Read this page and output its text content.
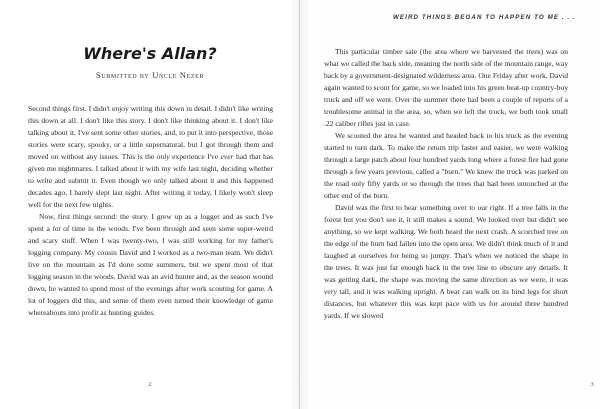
Where's Allan?
Submitted by Uncle Nezer

Second things first. I didn't enjoy writing this down in detail. I didn't like writing this down at all. I don't like this story. I don't like thinking about it. I don't like talking about it. I've sent some other stories, and, to put it into perspective, those stories were scary, spooky, or a little supernatural, but I got through them and moved on without any issues. This is the only experience I've ever had that has given me nightmares. I talked about it with my wife last night, deciding whether to write and submit it. Even though we only talked about it and this happened decades ago, I barely slept last night. After writing it today, I likely won't sleep well for the next few nights.

Now, first things second: the story. I grew up as a logger and as such I've spent a lot of time in the woods. I've been through and seen some super-weird and scary stuff. When I was twenty-two, I was still working for my father's logging company. My cousin David and I worked as a two-man team. We didn't live on the mountain as I'd done some summers, but we spent most of that logging season in the woods. David was an avid hunter and, as the season wound down, he wanted to spend most of the evenings after work scouting for game. A lot of loggers did this, and some of them even turned their knowledge of game whereabouts into profit as hunting guides.

2
WEIRD THINGS BEGAN TO HAPPEN TO ME . . .

This particular timber sale (the area where we harvested the trees) was on what we called the back side, meaning the north side of the mountain range, way back by a government-designated wilderness area. One Friday after work, David again wanted to scout for game, so we loaded into his green beat-up country-boy truck and off we went. Over the summer there had been a couple of reports of a troublesome animal in the area, so, when we left the truck, we both took small .22 caliber rifles just in case.

We scouted the area he wanted and headed back to his truck as the evening started to turn dark. To make the return trip faster and easier, we were walking through a large patch about four hundred yards long where a forest fire had gone through a few years previous, called a "burn." We knew the truck was parked on the road only fifty yards or so through the trees that had been untouched at the other end of the burn.

David was the first to hear something over to our right. If a tree falls in the forest but you don't see it, it still makes a sound. We looked over but didn't see anything, so we kept walking. We both heard the next crash. A scorched tree on the edge of the burn had fallen into the open area. We didn't think much of it and laughed at ourselves for being so jumpy. That's when we noticed the shape in the trees. It was just far enough back in the tree line to obscure any details. It was getting dark, the shape was moving the same direction as we were, it was very tall, and it was walking upright. A bear can walk on its hind legs for short distances, but whatever this was kept pace with us for around three hundred yards. If we slowed

3
